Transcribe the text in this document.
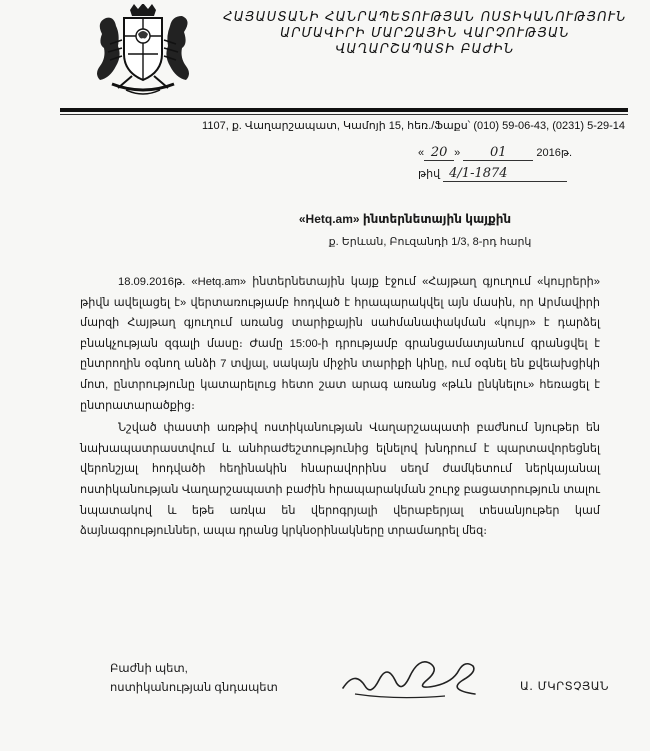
ՀԱՅԱՍՏԱՆԻ ՀԱՆՐԱՊԵՏՈՒԹՅԱՆ ՈՍՏԻԿԱՆՈՒԹՅՈՒՆ
ԱՐՄԱՎԻՐԻ ՄԱՐԶԱՅԻՆ ՎԱՐՉՈՒԹՅԱՆ
ՎԱՂԱՐՇԱՊԱՏԻ ԲԱԺԻՆ
1107, ք. Վաղարշապատ, Կամոյի 15, հեռ./Ֆաքս՝ (010) 59-06-43, (0231) 5-29-14
« 20 » 01	2016թ.
թիվ 4/1-1874
«Hetq.am» ինտերնետային կայքին
ք. Երևան, Բուզանդի 1/3, 8-րդ հարկ

18.09.2016թ. «Hetq.am» ինտերնետային կայք էջում «Հայթաղ գյուղում «կույրերի» թիվն ավելացել է» վերտառությամբ հոդված է հրապարակվել այն մասին, որ Արմավիրի մարզի Հայթաղ գյուղում առանց տարիքային սահմանափակման «կույր» է դարձել բնակչության զգալի մասը։ Ժամը 15:00-ի դրությամբ գրանցամատյանում գրանցվել է ընտրողին օգնող անձի 7 տվյալ, սակայն միջին տարիքի կինը, ում օգնել են քվեախցիկի մոտ, ընտրությունը կատարելուց հետո շատ արագ առանց «թևն ընկնելու» հեռացել է ընտրատարածքից։

Նշված փաստի առթիվ ոստիկանության Վաղարշապատի բաժնում նյութեր են նախապատրաստվում և անհրաժեշտությունից ելնելով խնդրում է պարտավորեցնել վերոնշյալ հոդվածի հեղինակին հնարավորինս սեղմ ժամկետում ներկայանալ ոստիկանության Վաղարշապատի բաժին հրապարակման շուրջ բացատրություն տալու նպատակով և եթե առկա են վերոգրյալի վերաբերյալ տեսանյութեր կամ ձայնագրություններ, ապա դրանց կրկնօրինակները տրամադրել մեզ։

Բաժնի պետ,
ոստիկանության գնդապետ	Ա. ՄԿՐՏՉՅԱՆ
